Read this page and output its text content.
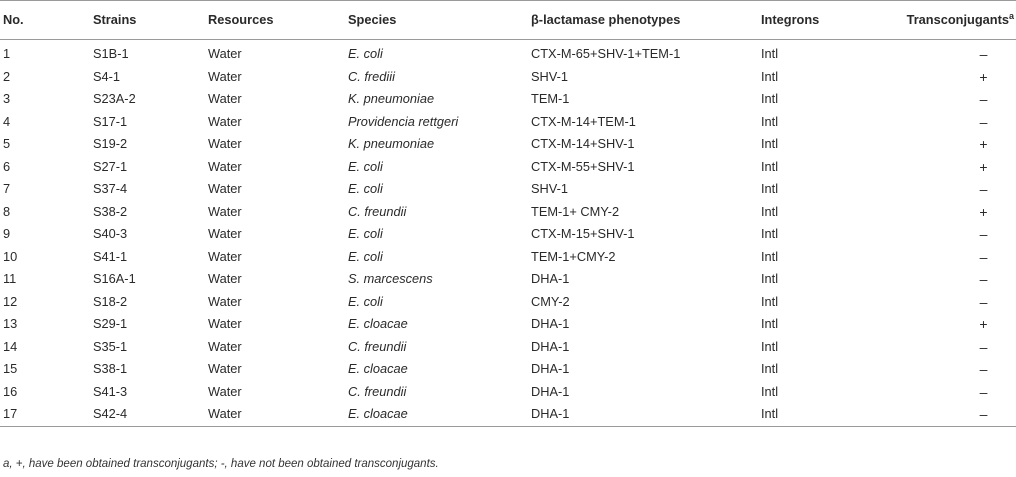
No.	Strains	Resources	Species	β-lactamase phenotypes	Integrons	Transconjugants$^a$
1	S1B-1	Water	E. coli	CTX-M-65+SHV-1+TEM-1	Intl	–
2	S4-1	Water	C. frediii	SHV-1	Intl	+
3	S23A-2	Water	K. pneumoniae	TEM-1	Intl	–
4	S17-1	Water	Providencia rettgeri	CTX-M-14+TEM-1	Intl	–
5	S19-2	Water	K. pneumoniae	CTX-M-14+SHV-1	Intl	+
6	S27-1	Water	E. coli	CTX-M-55+SHV-1	Intl	+
7	S37-4	Water	E. coli	SHV-1	Intl	–
8	S38-2	Water	C. freundii	TEM-1+ CMY-2	Intl	+
9	S40-3	Water	E. coli	CTX-M-15+SHV-1	Intl	–
10	S41-1	Water	E. coli	TEM-1+CMY-2	Intl	–
11	S16A-1	Water	S. marcescens	DHA-1	Intl	–
12	S18-2	Water	E. coli	CMY-2	Intl	–
13	S29-1	Water	E. cloacae	DHA-1	Intl	+
14	S35-1	Water	C. freundii	DHA-1	Intl	–
15	S38-1	Water	E. cloacae	DHA-1	Intl	–
16	S41-3	Water	C. freundii	DHA-1	Intl	–
17	S42-4	Water	E. cloacae	DHA-1	Intl	–
a, +, have been obtained transconjugants; -, have not been obtained transconjugants.
